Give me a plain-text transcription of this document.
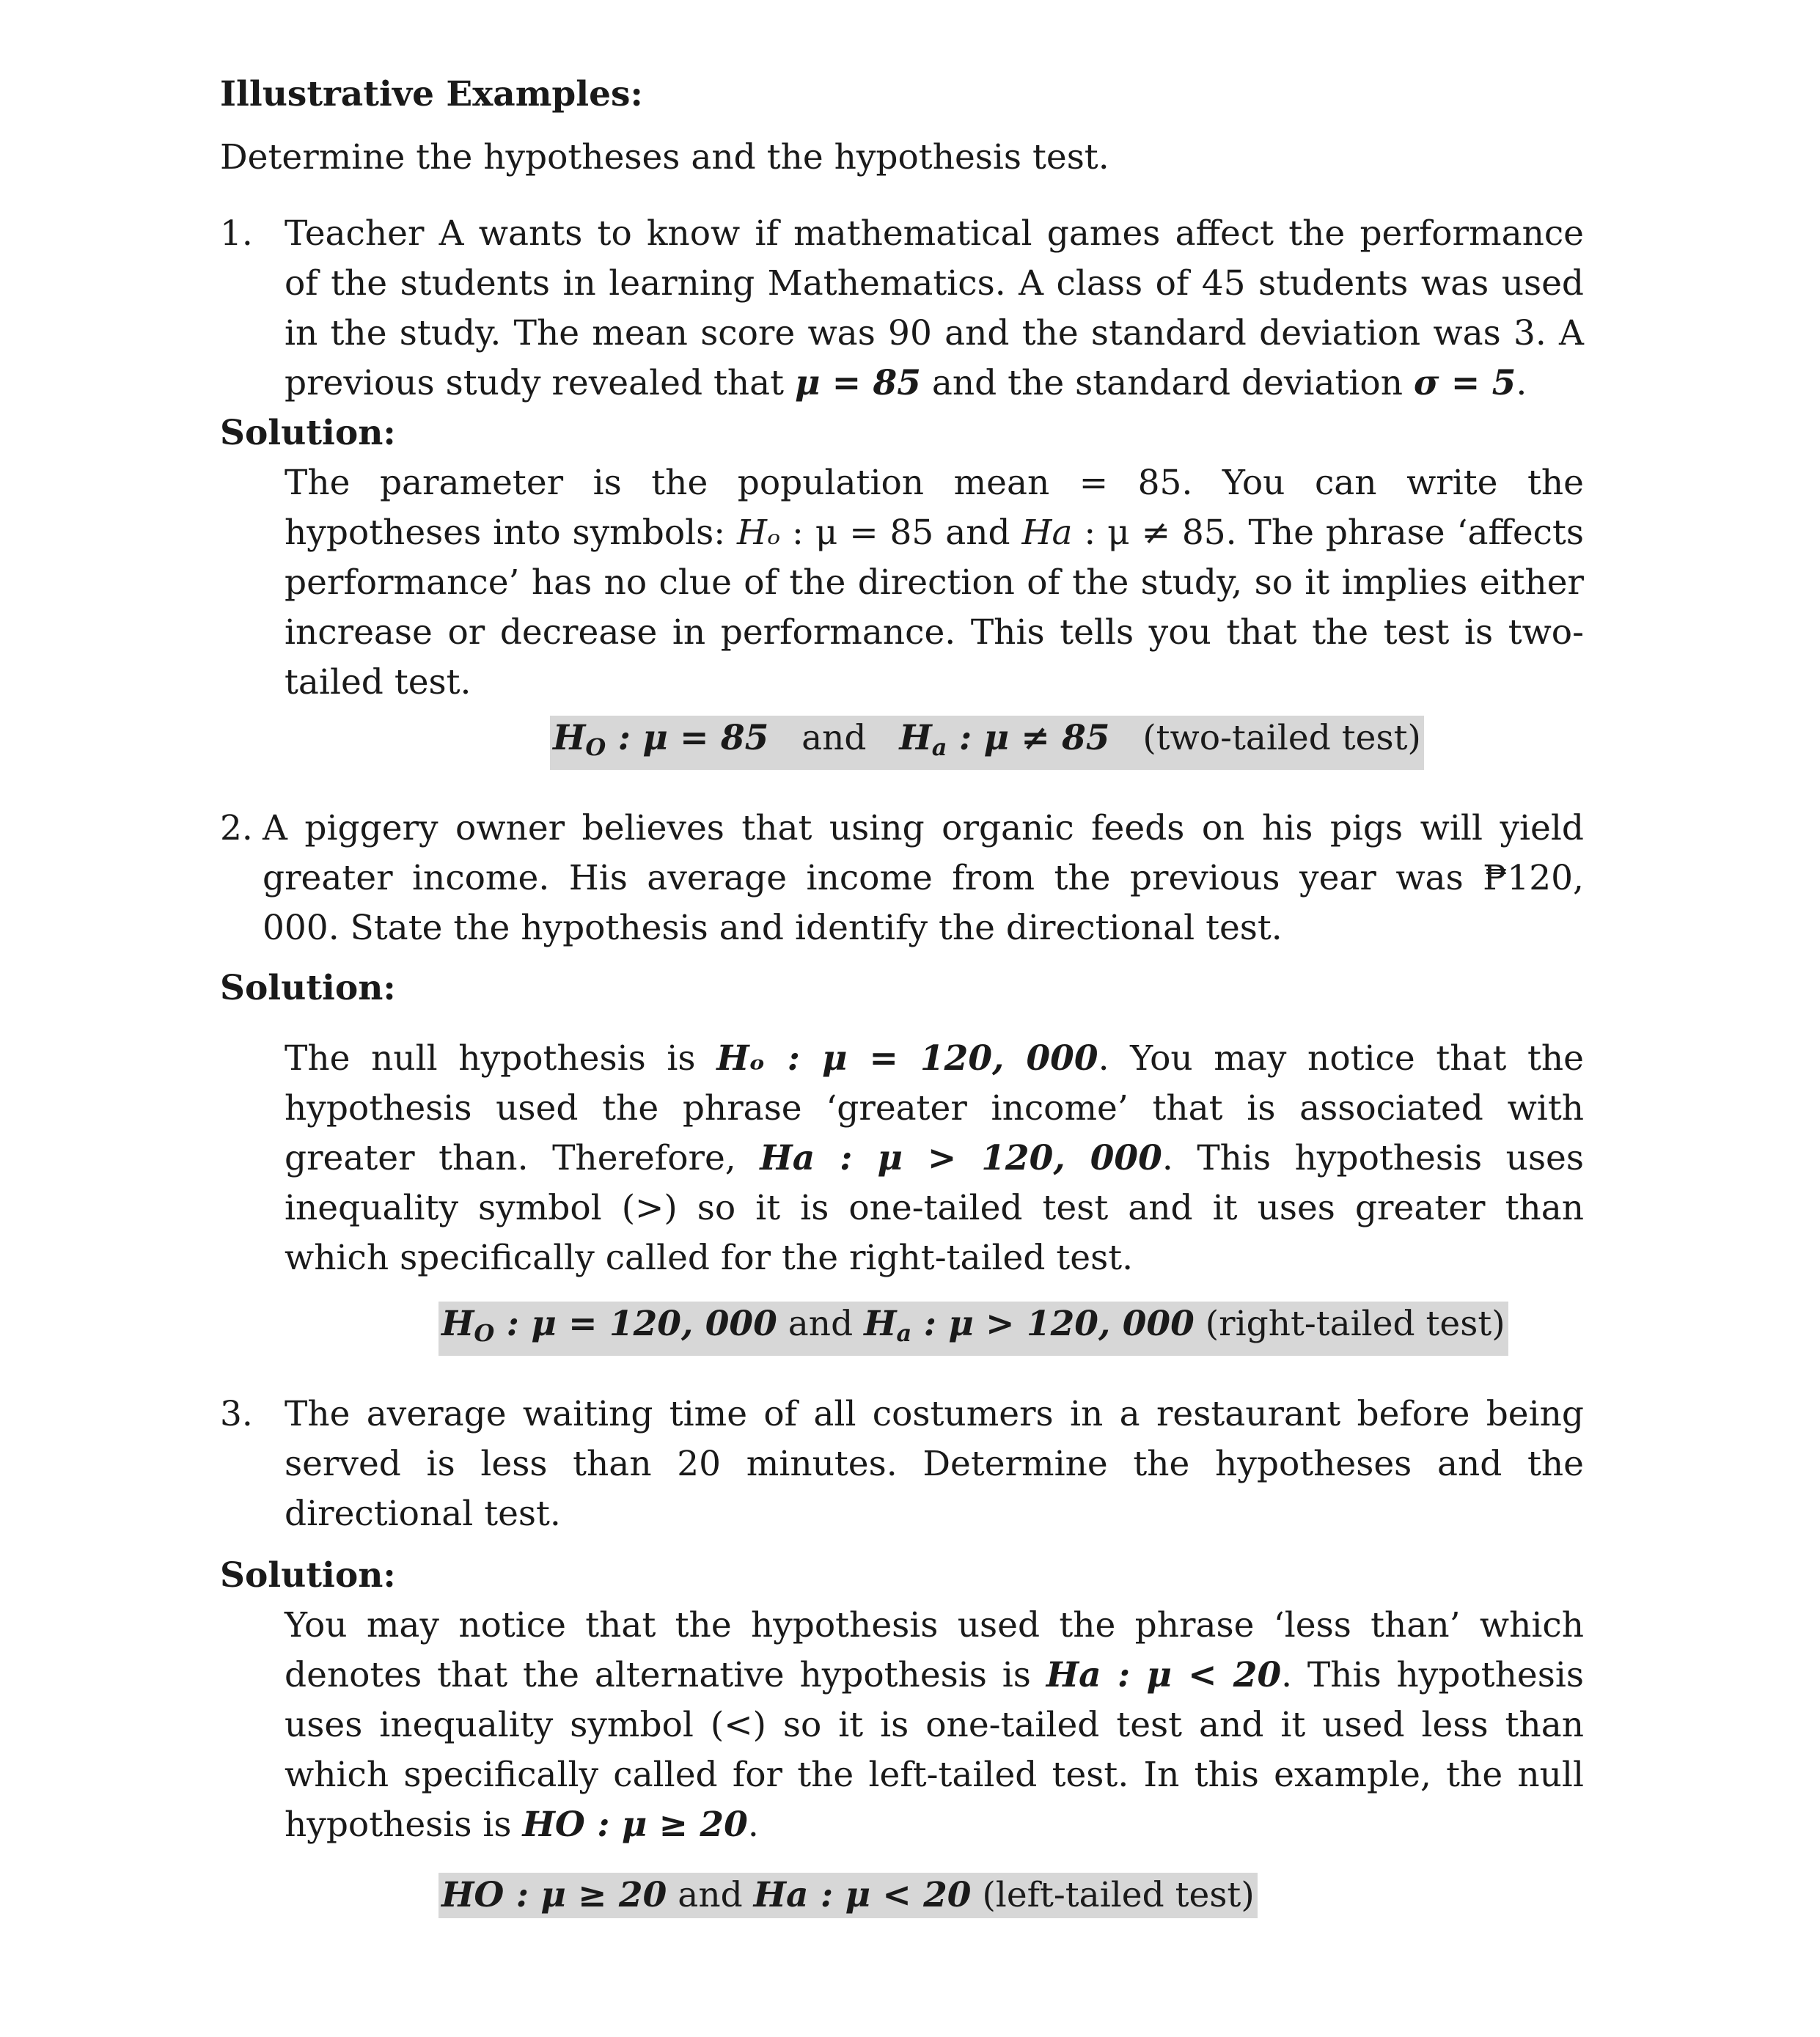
Illustrative Examples:

Determine the hypotheses and the hypothesis test.

1. Teacher A wants to know if mathematical games affect the performance of the students in learning Mathematics. A class of 45 students was used in the study. The mean score was 90 and the standard deviation was 3. A previous study revealed that μ = 85 and the standard deviation σ = 5.

Solution:

The parameter is the population mean = 85. You can write the hypotheses into symbols: Hₒ : μ = 85 and Ha : μ ≠ 85. The phrase ‘affects performance’ has no clue of the direction of the study, so it implies either increase or decrease in performance. This tells you that the test is two-tailed test.
$H_O$ : μ = 85 and $H_a$ : μ ≠ 85 (two-tailed test)
2. A piggery owner believes that using organic feeds on his pigs will yield greater income. His average income from the previous year was ₱120, 000. State the hypothesis and identify the directional test.

Solution:

The null hypothesis is Hₒ : μ = 120, 000. You may notice that the hypothesis used the phrase ‘greater income’ that is associated with greater than. Therefore, Ha : μ > 120, 000. This hypothesis uses inequality symbol (>) so it is one-tailed test and it uses greater than which specifically called for the right-tailed test.
$H_O$ : μ = 120, 000 and $H_a$ : μ > 120, 000 (right-tailed test)
3. The average waiting time of all costumers in a restaurant before being served is less than 20 minutes. Determine the hypotheses and the directional test.

Solution:

You may notice that the hypothesis used the phrase ‘less than’ which denotes that the alternative hypothesis is Ha : μ < 20. This hypothesis uses inequality symbol (<) so it is one-tailed test and it used less than which specifically called for the left-tailed test. In this example, the null hypothesis is HO : μ ≥ 20.
HO : μ ≥ 20 and Ha : μ < 20 (left-tailed test)
